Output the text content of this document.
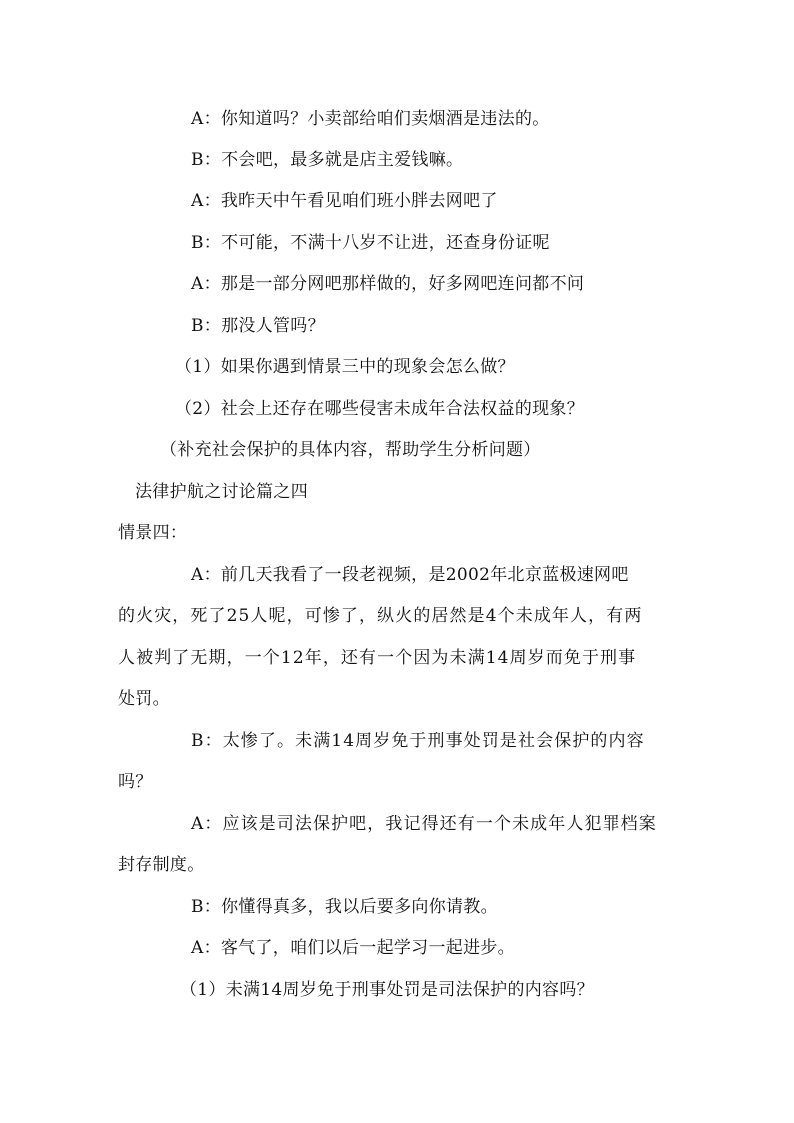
A：你知道吗？小卖部给咱们卖烟酒是违法的。

B：不会吧，最多就是店主爱钱嘛。

A：我昨天中午看见咱们班小胖去网吧了

B：不可能，不满十八岁不让进，还查身份证呢

A：那是一部分网吧那样做的，好多网吧连问都不问

B：那没人管吗？

（1）如果你遇到情景三中的现象会怎么做？

（2）社会上还存在哪些侵害未成年合法权益的现象？

（补充社会保护的具体内容，帮助学生分析问题）

法律护航之讨论篇之四

情景四：

A：前几天我看了一段老视频，是2002年北京蓝极速网吧

的火灾，死了25人呢，可惨了，纵火的居然是4个未成年人，有两

人被判了无期，一个12年，还有一个因为未满14周岁而免于刑事

处罚。

B：太惨了。未满14周岁免于刑事处罚是社会保护的内容

吗？

A：应该是司法保护吧，我记得还有一个未成年人犯罪档案

封存制度。

B：你懂得真多，我以后要多向你请教。

A：客气了，咱们以后一起学习一起进步。

（1）未满14周岁免于刑事处罚是司法保护的内容吗？
